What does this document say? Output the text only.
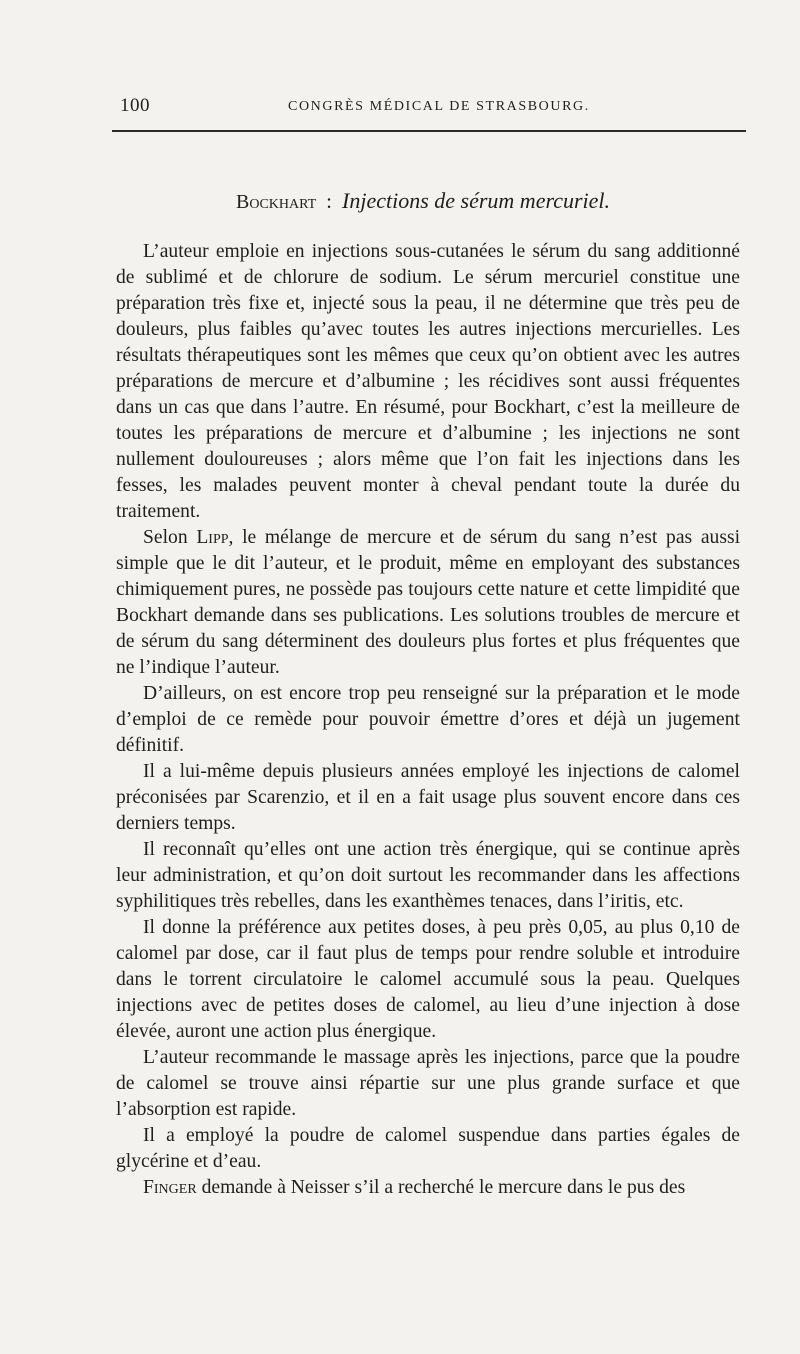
100	CONGRÈS MÉDICAL DE STRASBOURG.
Bockhart : Injections de sérum mercuriel.

L’auteur emploie en injections sous-cutanées le sérum du sang additionné de sublimé et de chlorure de sodium. Le sérum mercuriel constitue une préparation très fixe et, injecté sous la peau, il ne détermine que très peu de douleurs, plus faibles qu’avec toutes les autres injections mercurielles. Les résultats thérapeutiques sont les mêmes que ceux qu’on obtient avec les autres préparations de mercure et d’albumine ; les récidives sont aussi fréquentes dans un cas que dans l’autre. En résumé, pour Bockhart, c’est la meilleure de toutes les préparations de mercure et d’albumine ; les injections ne sont nullement douloureuses ; alors même que l’on fait les injections dans les fesses, les malades peuvent monter à cheval pendant toute la durée du traitement.

Selon Lipp, le mélange de mercure et de sérum du sang n’est pas aussi simple que le dit l’auteur, et le produit, même en employant des substances chimiquement pures, ne possède pas toujours cette nature et cette limpidité que Bockhart demande dans ses publications. Les solutions troubles de mercure et de sérum du sang déterminent des douleurs plus fortes et plus fréquentes que ne l’indique l’auteur.

D’ailleurs, on est encore trop peu renseigné sur la préparation et le mode d’emploi de ce remède pour pouvoir émettre d’ores et déjà un jugement définitif.

Il a lui-même depuis plusieurs années employé les injections de calomel préconisées par Scarenzio, et il en a fait usage plus souvent encore dans ces derniers temps.

Il reconnaît qu’elles ont une action très énergique, qui se continue après leur administration, et qu’on doit surtout les recommander dans les affections syphilitiques très rebelles, dans les exanthèmes tenaces, dans l’iritis, etc.

Il donne la préférence aux petites doses, à peu près 0,05, au plus 0,10 de calomel par dose, car il faut plus de temps pour rendre soluble et introduire dans le torrent circulatoire le calomel accumulé sous la peau. Quelques injections avec de petites doses de calomel, au lieu d’une injection à dose élevée, auront une action plus énergique.

L’auteur recommande le massage après les injections, parce que la poudre de calomel se trouve ainsi répartie sur une plus grande surface et que l’absorption est rapide.

Il a employé la poudre de calomel suspendue dans parties égales de glycérine et d’eau.

Finger demande à Neisser s’il a recherché le mercure dans le pus des
